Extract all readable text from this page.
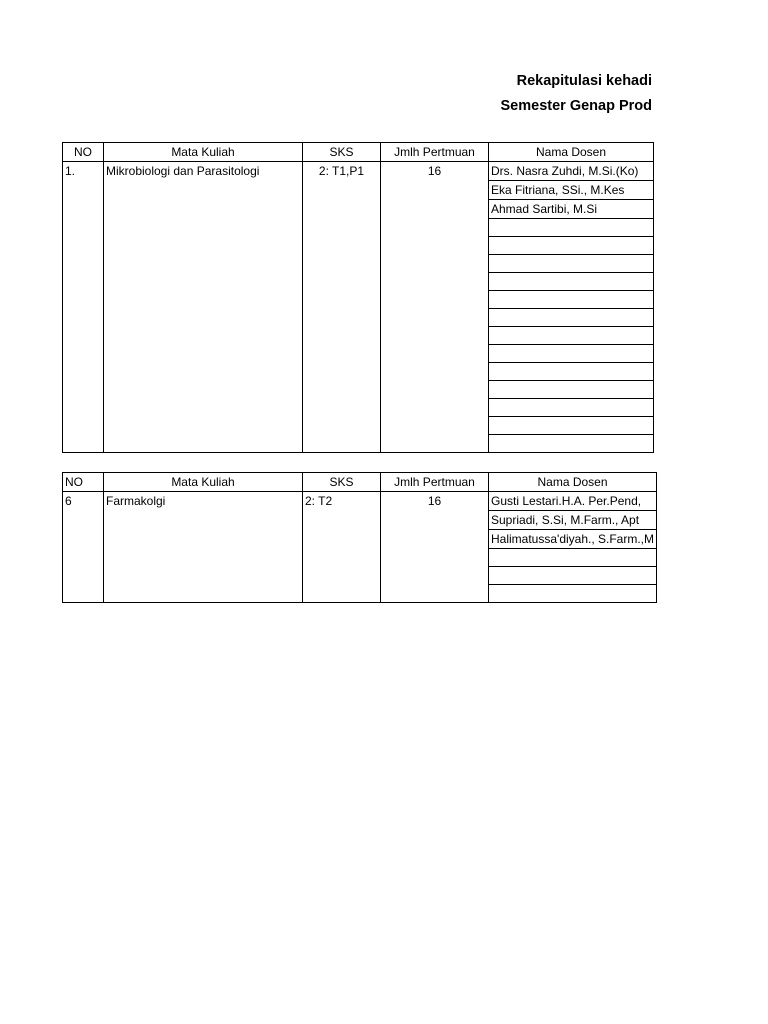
Rekapitulasi kehadi
Semester Genap Prod
NO	Mata Kuliah	SKS	Jmlh Pertmuan	Nama Dosen
1.	Mikrobiologi dan Parasitologi	2: T1,P1	16	Drs. Nasra Zuhdi, M.Si.(Ko)
				Eka Fitriana, SSi., M.Kes
				Ahmad Sartibi, M.Si

NO	Mata Kuliah	SKS	Jmlh Pertmuan	Nama Dosen
6	Farmakolgi	2: T2	16	Gusti Lestari.H.A. Per.Pend,
				Supriadi, S.Si, M.Farm., Apt
				Halimatussa'diyah., S.Farm.,M
